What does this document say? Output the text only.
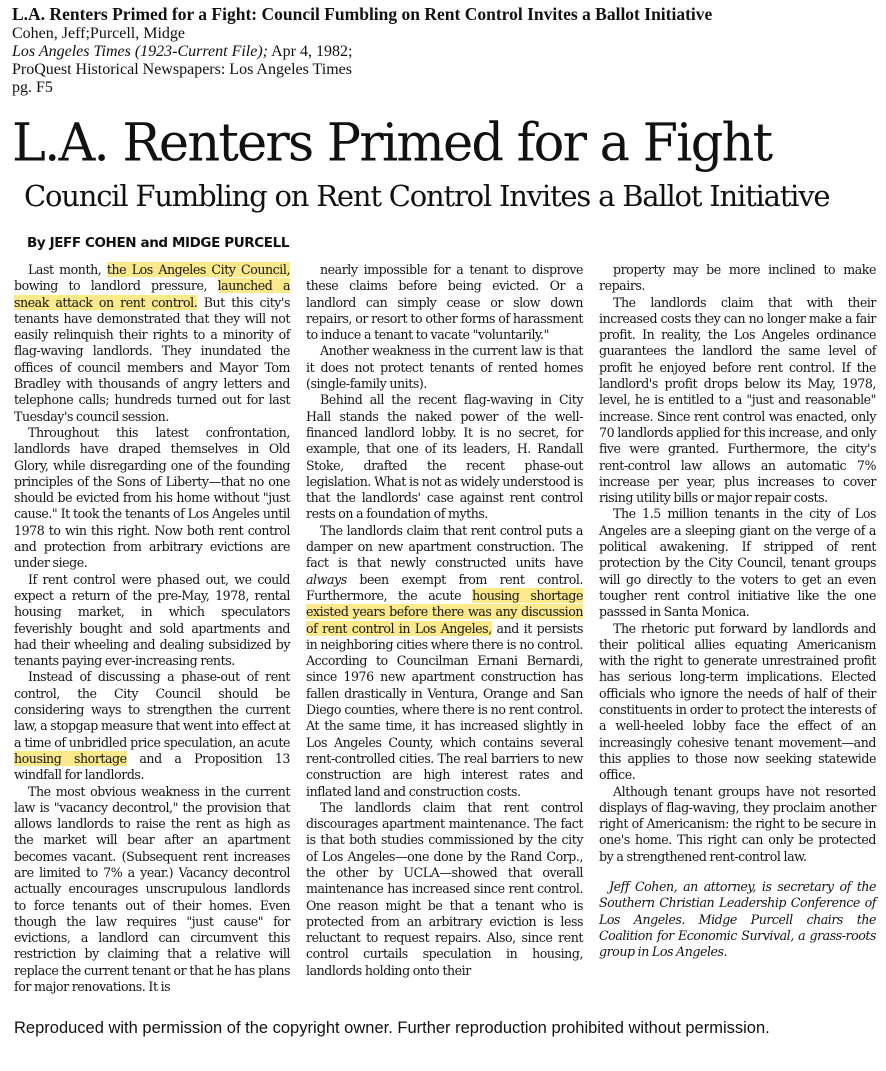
L.A. Renters Primed for a Fight: Council Fumbling on Rent Control Invites a Ballot Initiative
Cohen, Jeff;Purcell, Midge
Los Angeles Times (1923-Current File); Apr 4, 1982;
ProQuest Historical Newspapers: Los Angeles Times
pg. F5
L.A. Renters Primed for a Fight
Council Fumbling on Rent Control Invites a Ballot Initiative
By JEFF COHEN and MIDGE PURCELL

Last month, the Los Angeles City Council, bowing to landlord pressure, launched a sneak attack on rent control. But this city's tenants have demonstrated that they will not easily relinquish their rights to a minority of flag-waving landlords. They inundated the offices of council members and Mayor Tom Bradley with thousands of angry letters and telephone calls; hundreds turned out for last Tuesday's council session.

Throughout this latest confrontation, landlords have draped themselves in Old Glory, while disregarding one of the founding principles of the Sons of Liberty—that no one should be evicted from his home without "just cause." It took the tenants of Los Angeles until 1978 to win this right. Now both rent control and protection from arbitrary evictions are under siege.

If rent control were phased out, we could expect a return of the pre-May, 1978, rental housing market, in which speculators feverishly bought and sold apartments and had their wheeling and dealing subsidized by tenants paying ever-increasing rents.

Instead of discussing a phase-out of rent control, the City Council should be considering ways to strengthen the current law, a stopgap measure that went into effect at a time of unbridled price speculation, an acute housing shortage and a Proposition 13 windfall for landlords.

The most obvious weakness in the current law is "vacancy decontrol," the provision that allows landlords to raise the rent as high as the market will bear after an apartment becomes vacant. (Subsequent rent increases are limited to 7% a year.) Vacancy decontrol actually encourages unscrupulous landlords to force tenants out of their homes. Even though the law requires "just cause" for evictions, a landlord can circumvent this restriction by claiming that a relative will replace the current tenant or that he has plans for major renovations. It is

nearly impossible for a tenant to disprove these claims before being evicted. Or a landlord can simply cease or slow down repairs, or resort to other forms of harassment to induce a tenant to vacate "voluntarily."

Another weakness in the current law is that it does not protect tenants of rented homes (single-family units).

Behind all the recent flag-waving in City Hall stands the naked power of the well-financed landlord lobby. It is no secret, for example, that one of its leaders, H. Randall Stoke, drafted the recent phase-out legislation. What is not as widely understood is that the landlords' case against rent control rests on a foundation of myths.

The landlords claim that rent control puts a damper on new apartment construction. The fact is that newly constructed units have always been exempt from rent control. Furthermore, the acute housing shortage existed years before there was any discussion of rent control in Los Angeles, and it persists in neighboring cities where there is no control. According to Councilman Ernani Bernardi, since 1976 new apartment construction has fallen drastically in Ventura, Orange and San Diego counties, where there is no rent control. At the same time, it has increased slightly in Los Angeles County, which contains several rent-controlled cities. The real barriers to new construction are high interest rates and inflated land and construction costs.

The landlords claim that rent control discourages apartment maintenance. The fact is that both studies commissioned by the city of Los Angeles—one done by the Rand Corp., the other by UCLA—showed that overall maintenance has increased since rent control. One reason might be that a tenant who is protected from an arbitrary eviction is less reluctant to request repairs. Also, since rent control curtails speculation in housing, landlords holding onto their

property may be more inclined to make repairs.

The landlords claim that with their increased costs they can no longer make a fair profit. In reality, the Los Angeles ordinance guarantees the landlord the same level of profit he enjoyed before rent control. If the landlord's profit drops below its May, 1978, level, he is entitled to a "just and reasonable" increase. Since rent control was enacted, only 70 landlords applied for this increase, and only five were granted. Furthermore, the city's rent-control law allows an automatic 7% increase per year, plus increases to cover rising utility bills or major repair costs.

The 1.5 million tenants in the city of Los Angeles are a sleeping giant on the verge of a political awakening. If stripped of rent protection by the City Council, tenant groups will go directly to the voters to get an even tougher rent control initiative like the one passsed in Santa Monica.

The rhetoric put forward by landlords and their political allies equating Americanism with the right to generate unrestrained profit has serious long-term implications. Elected officials who ignore the needs of half of their constituents in order to protect the interests of a well-heeled lobby face the effect of an increasingly cohesive tenant movement—and this applies to those now seeking statewide office.

Although tenant groups have not resorted displays of flag-waving, they proclaim another right of Americanism: the right to be secure in one's home. This right can only be protected by a strengthened rent-control law.

Jeff Cohen, an attorney, is secretary of the Southern Christian Leadership Conference of Los Angeles. Midge Purcell chairs the Coalition for Economic Survival, a grass-roots group in Los Angeles.

Reproduced with permission of the copyright owner. Further reproduction prohibited without permission.
